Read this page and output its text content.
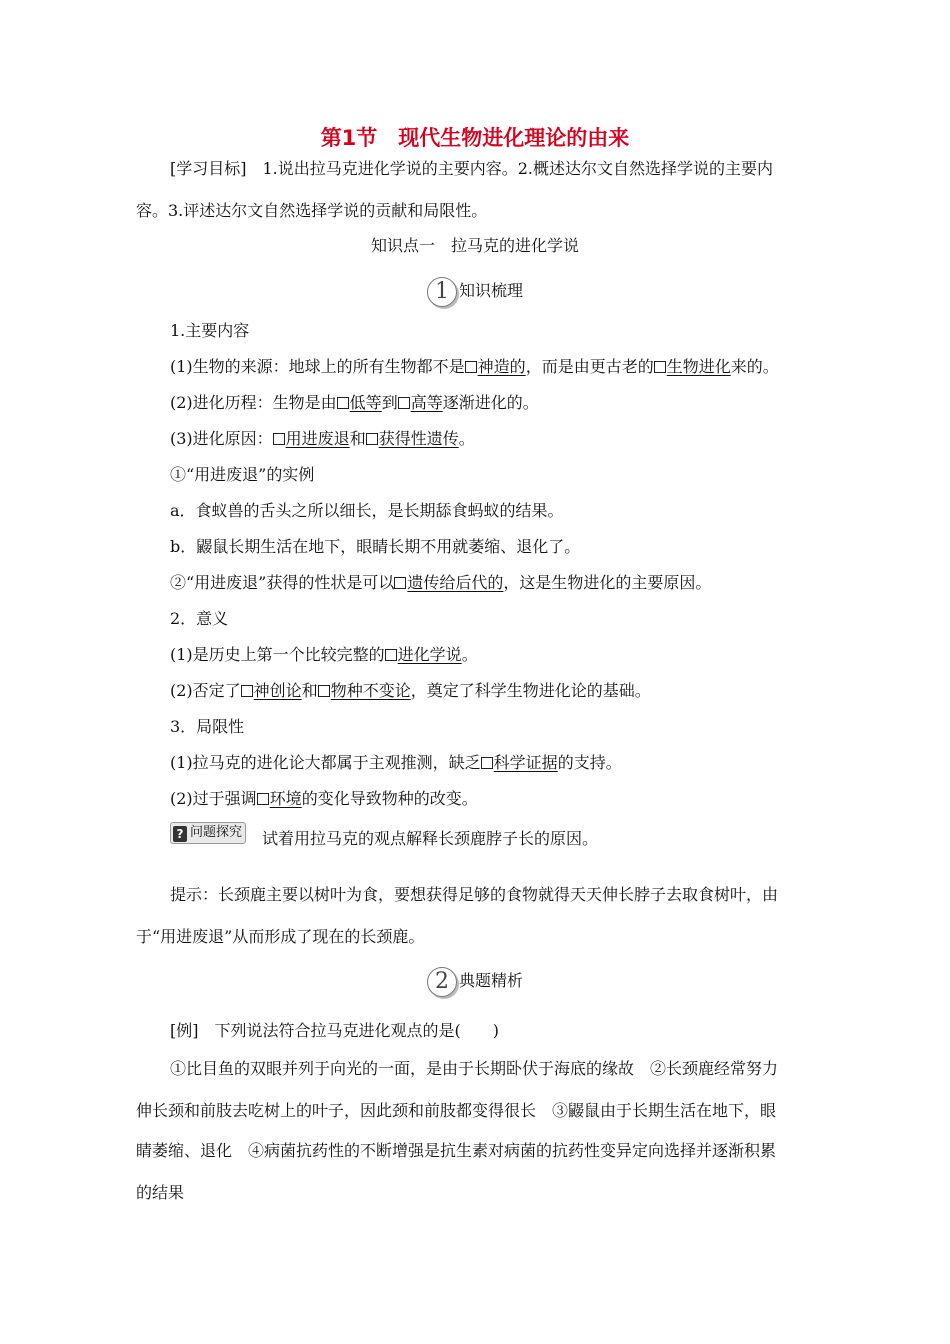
第1节　现代生物进化理论的由来
[学习目标]　1.说出拉马克进化学说的主要内容。2.概述达尔文自然选择学说的主要内
容。3.评述达尔文自然选择学说的贡献和局限性。
知识点一　拉马克的进化学说
1 知识梳理
1.主要内容
(1)生物的来源：地球上的所有生物都不是 神造的，而是由更古老的 生物进化来的。
(2)进化历程：生物是由 低等到 高等逐渐进化的。
(3)进化原因： 用进废退和 获得性遗传。
①“用进废退”的实例
a．食蚁兽的舌头之所以细长，是长期舔食蚂蚁的结果。
b．鼹鼠长期生活在地下，眼睛长期不用就萎缩、退化了。
②“用进废退”获得的性状是可以 遗传给后代的，这是生物进化的主要原因。
2．意义
(1)是历史上第一个比较完整的 进化学说。
(2)否定了 神创论和 物种不变论，奠定了科学生物进化论的基础。
3．局限性
(1)拉马克的进化论大都属于主观推测，缺乏 科学证据的支持。
(2)过于强调 环境的变化导致物种的改变。
? 问题探究 试着用拉马克的观点解释长颈鹿脖子长的原因。
提示：长颈鹿主要以树叶为食，要想获得足够的食物就得天天伸长脖子去取食树叶，由
于“用进废退”从而形成了现在的长颈鹿。
2 典题精析
[例]　下列说法符合拉马克进化观点的是(　　)
①比目鱼的双眼并列于向光的一面，是由于长期卧伏于海底的缘故　②长颈鹿经常努力
伸长颈和前肢去吃树上的叶子，因此颈和前肢都变得很长　③鼹鼠由于长期生活在地下，眼
睛萎缩、退化　④病菌抗药性的不断增强是抗生素对病菌的抗药性变异定向选择并逐渐积累
的结果
